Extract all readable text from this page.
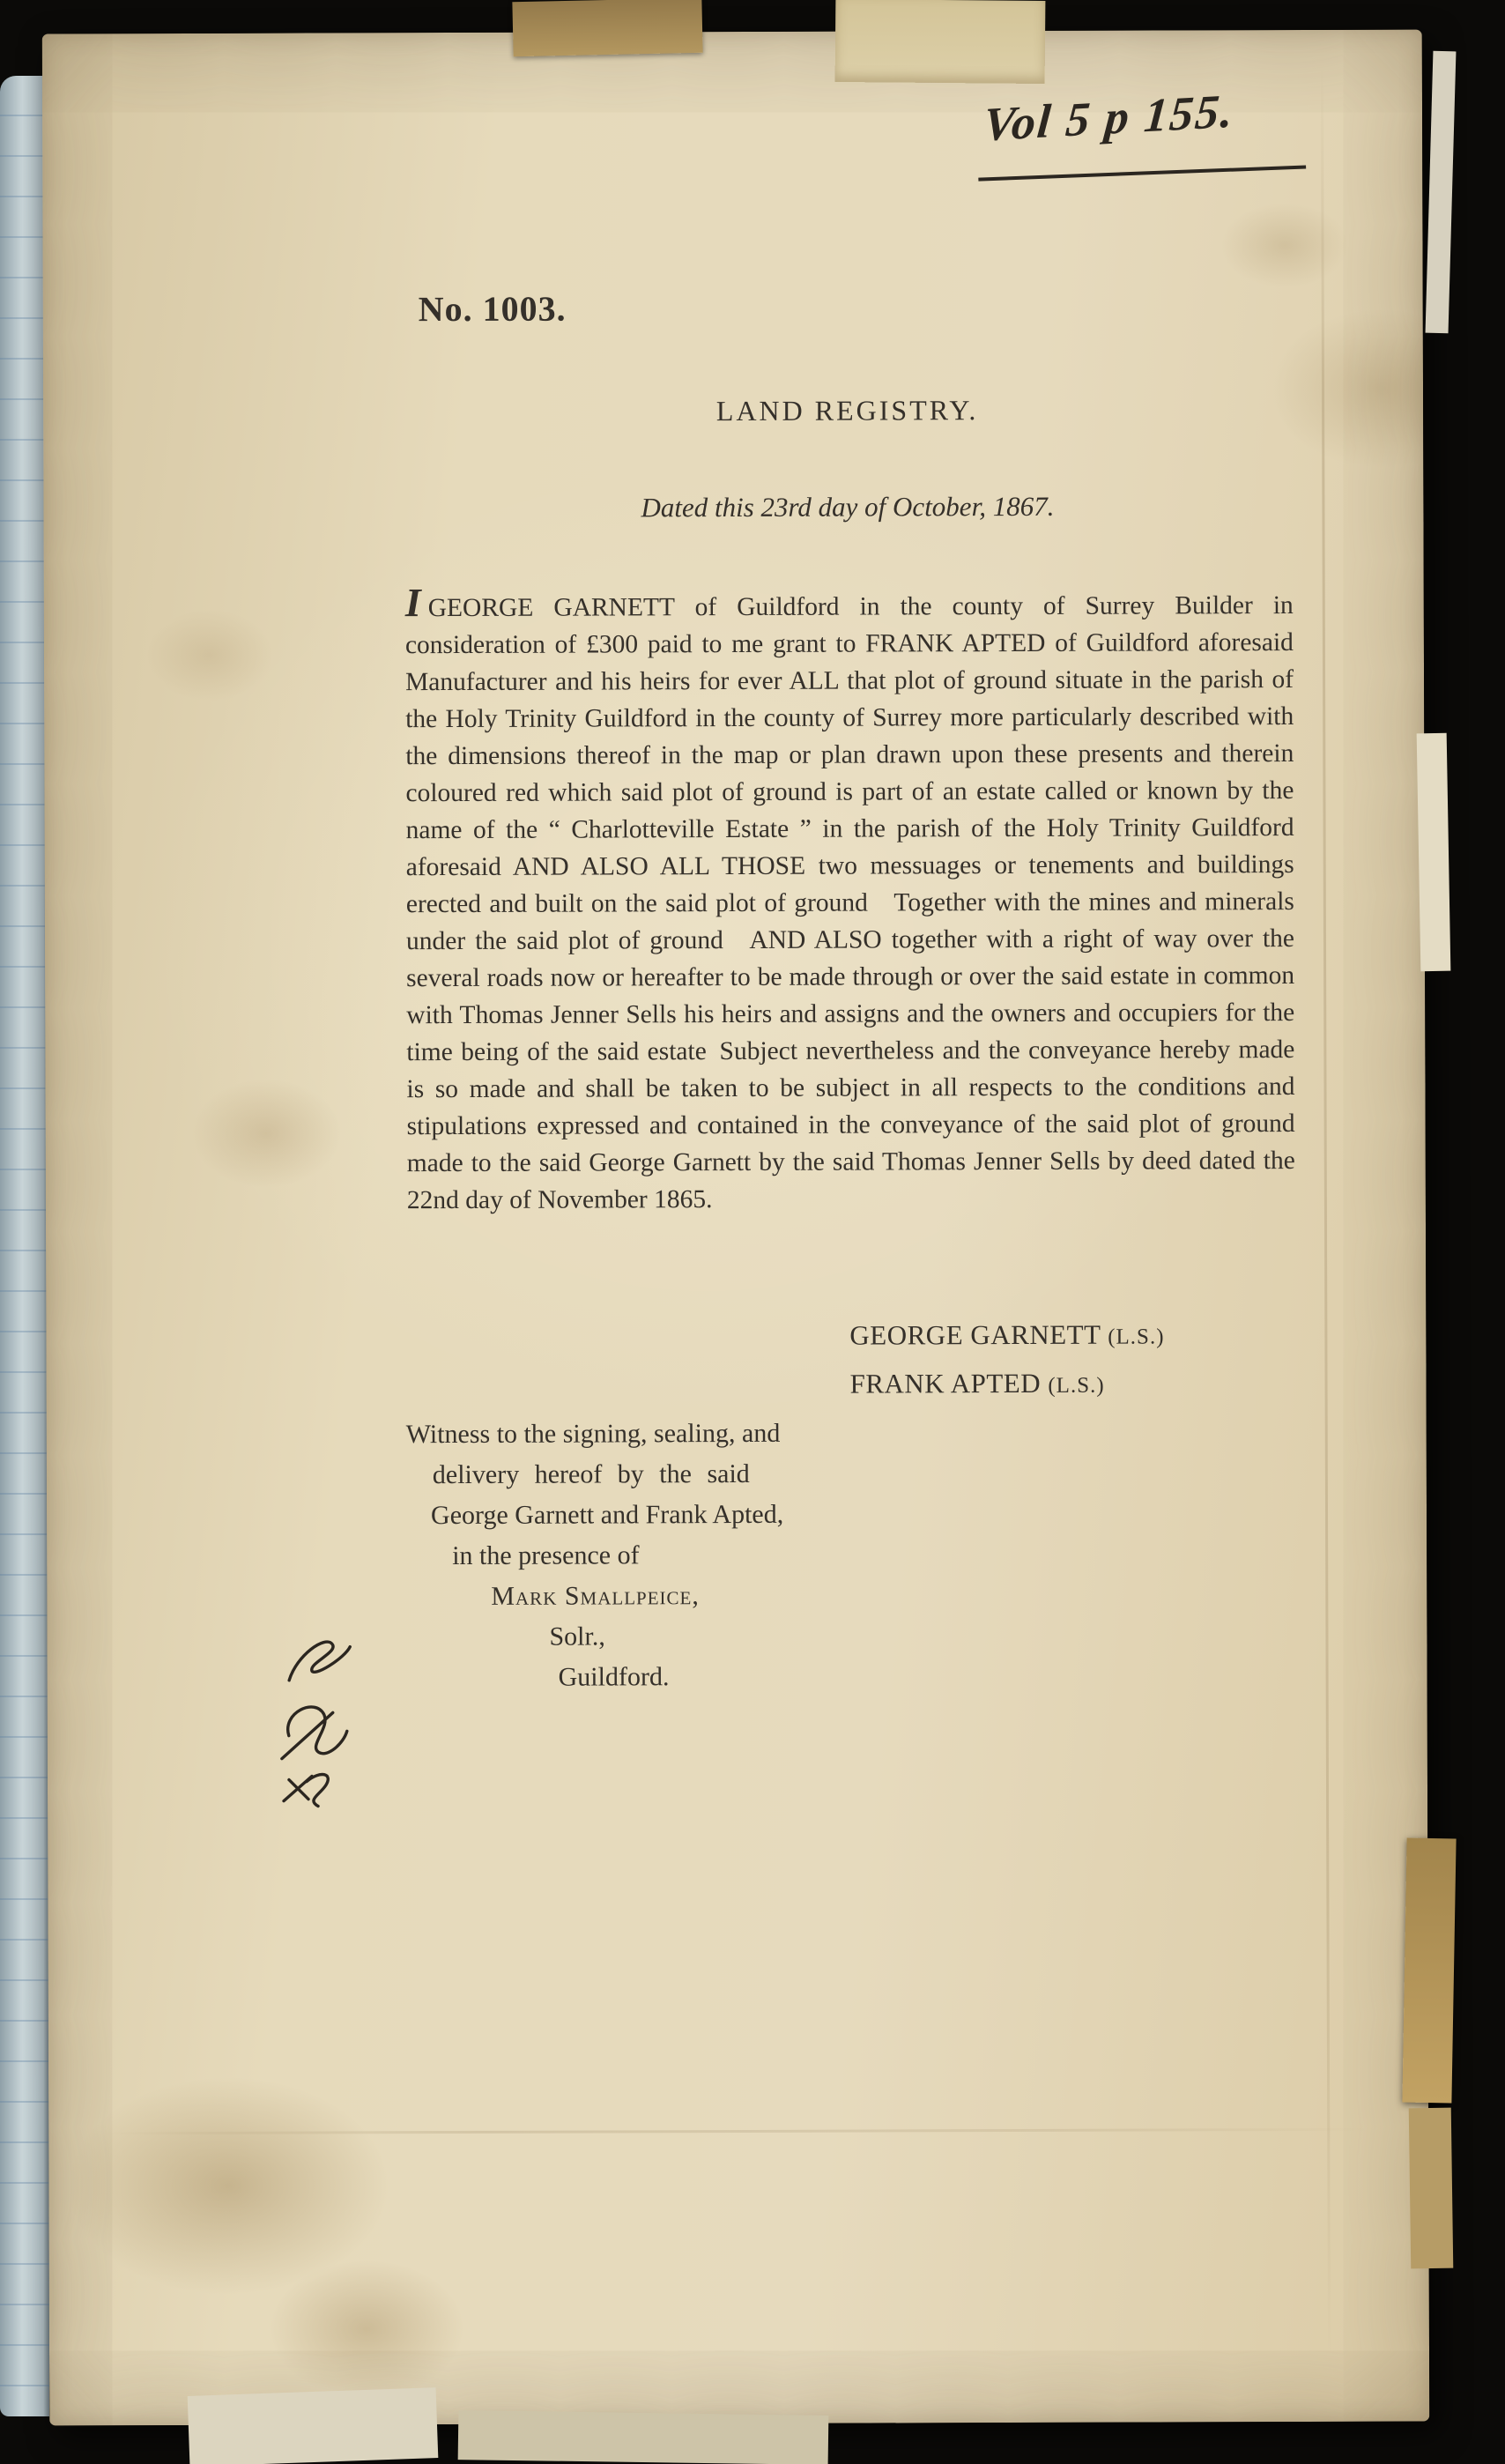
Vol 5 p 155.
No. 1003.
LAND REGISTRY.
Dated this 23rd day of October, 1867.

IGEORGE GARNETT of Guildford in the county of Surrey Builder in consideration of £300 paid to me grant to FRANK APTED of Guildford aforesaid Manufacturer and his heirs for ever ALL that plot of ground situate in the parish of the Holy Trinity Guildford in the county of Surrey more particularly described with the dimensions thereof in the map or plan drawn upon these presents and therein coloured red which said plot of ground is part of an estate called or known by the name of the “ Charlotteville Estate ” in the parish of the Holy Trinity Guildford aforesaid AND ALSO ALL THOSE two messuages or tenements and buildings erected and built on the said plot of ground Together with the mines and minerals under the said plot of ground AND ALSO together with a right of way over the several roads now or hereafter to be made through or over the said estate in common with Thomas Jenner Sells his heirs and assigns and the owners and occupiers for the time being of the said estate Subject nevertheless and the conveyance hereby made is so made and shall be taken to be subject in all respects to the conditions and stipulations expressed and contained in the conveyance of the said plot of ground made to the said George Garnett by the said Thomas Jenner Sells by deed dated the 22nd day of November 1865.

GEORGE GARNETT (L.S.)
FRANK APTED (L.S.)
Witness to the signing, sealing, and
delivery hereof by the said
George Garnett and Frank Apted,
in the presence of
Mark Smallpeice,
Solr.,
Guildford.
